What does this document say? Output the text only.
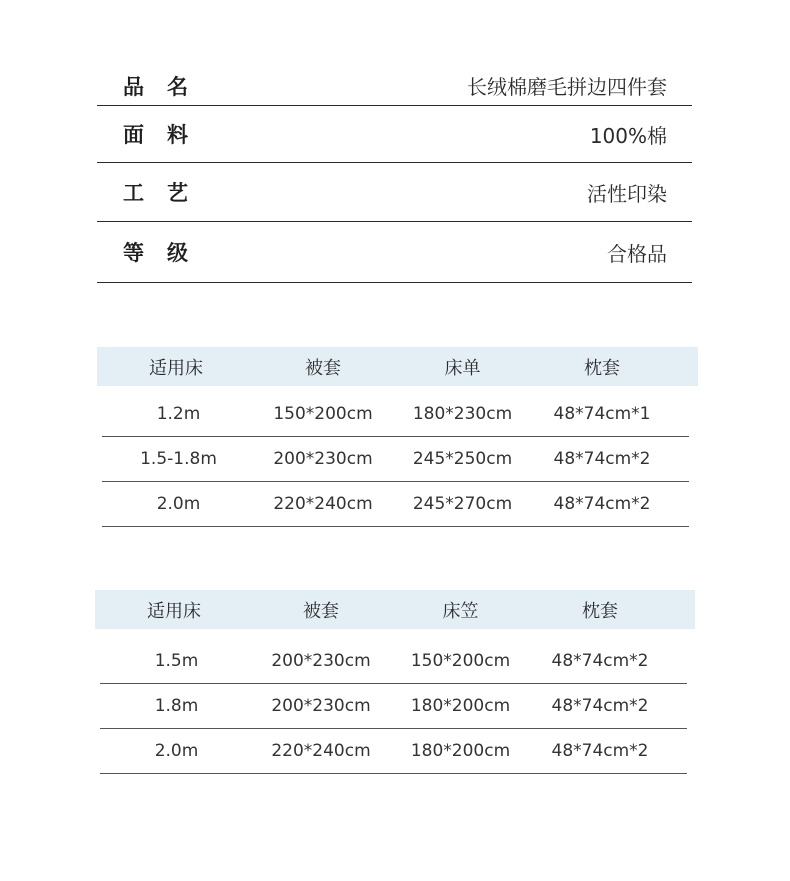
品名	长绒棉磨毛拼边四件套
面料	100%棉
工艺	活性印染
等级	合格品
适用床	被套	床单	枕套
1.2m	150*200cm	180*230cm	48*74cm*1
1.5-1.8m	200*230cm	245*250cm	48*74cm*2
2.0m	220*240cm	245*270cm	48*74cm*2
适用床	被套	床笠	枕套
1.5m	200*230cm	150*200cm	48*74cm*2
1.8m	200*230cm	180*200cm	48*74cm*2
2.0m	220*240cm	180*200cm	48*74cm*2
